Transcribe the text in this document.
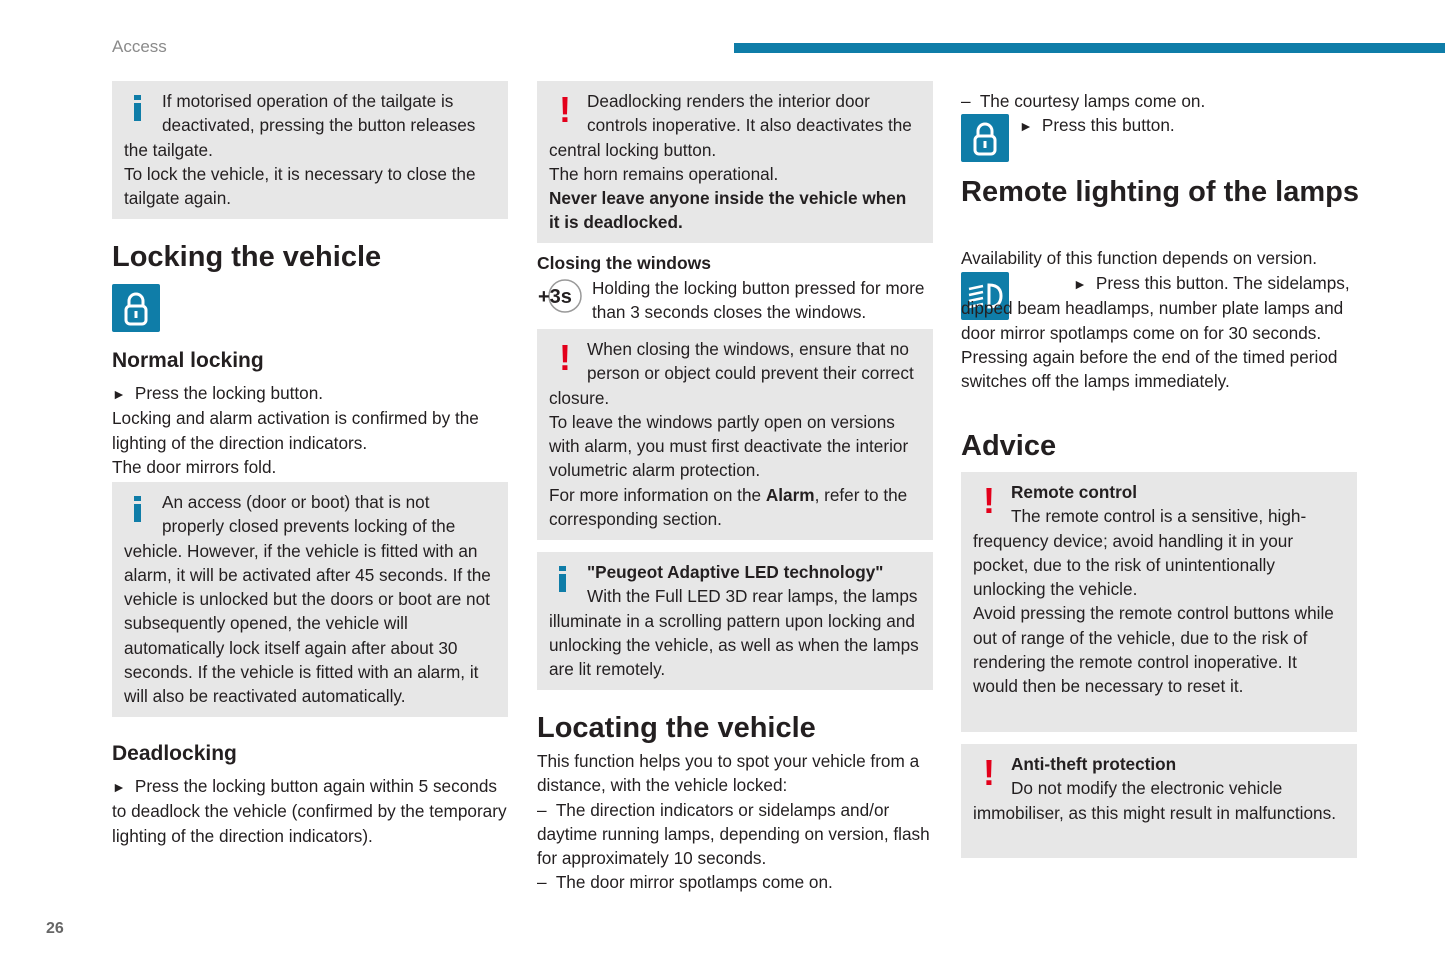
Access
26

If motorised operation of the tailgate is deactivated, pressing the button releases the tailgate.

To lock the vehicle, it is necessary to close the tailgate again.

Locking the vehicle
Normal locking

► Press the locking button.

Locking and alarm activation is confirmed by the lighting of the direction indicators.

The door mirrors fold.

An access (door or boot) that is not properly closed prevents locking of the vehicle. However, if the vehicle is fitted with an alarm, it will be activated after 45 seconds. If the vehicle is unlocked but the doors or boot are not subsequently opened, the vehicle will automatically lock itself again after about 30 seconds. If the vehicle is fitted with an alarm, it will also be reactivated automatically.

Deadlocking

► Press the locking button again within 5 seconds to deadlock the vehicle (confirmed by the temporary lighting of the direction indicators).

! Deadlocking renders the interior door controls inoperative. It also deactivates the central locking button.

The horn remains operational.

Never leave anyone inside the vehicle when it is deadlocked.

Closing the windows
+3s Holding the locking button pressed for more than 3 seconds closes the windows.
! When closing the windows, ensure that no person or object could prevent their correct closure.

To leave the windows partly open on versions with alarm, you must first deactivate the interior volumetric alarm protection.

For more information on the Alarm, refer to the corresponding section.

"Peugeot Adaptive LED technology"

With the Full LED 3D rear lamps, the lamps illuminate in a scrolling pattern upon locking and unlocking the vehicle, as well as when the lamps are lit remotely.

Locating the vehicle

This function helps you to spot your vehicle from a distance, with the vehicle locked:

–  The direction indicators or sidelamps and/or daytime running lamps, depending on version, flash for approximately 10 seconds.

–  The door mirror spotlamps come on.

–  The courtesy lamps come on.
► Press this button.
Remote lighting of the lamps
Availability of this function depends on version.

► Press this button. The sidelamps, dipped beam headlamps, number plate lamps and door mirror spotlamps come on for 30 seconds.

Pressing again before the end of the timed period switches off the lamps immediately.

Advice
! Remote control

The remote control is a sensitive, high-frequency device; avoid handling it in your pocket, due to the risk of unintentionally unlocking the vehicle.

Avoid pressing the remote control buttons while out of range of the vehicle, due to the risk of rendering the remote control inoperative. It would then be necessary to reset it.

! Anti-theft protection

Do not modify the electronic vehicle immobiliser, as this might result in malfunctions.
